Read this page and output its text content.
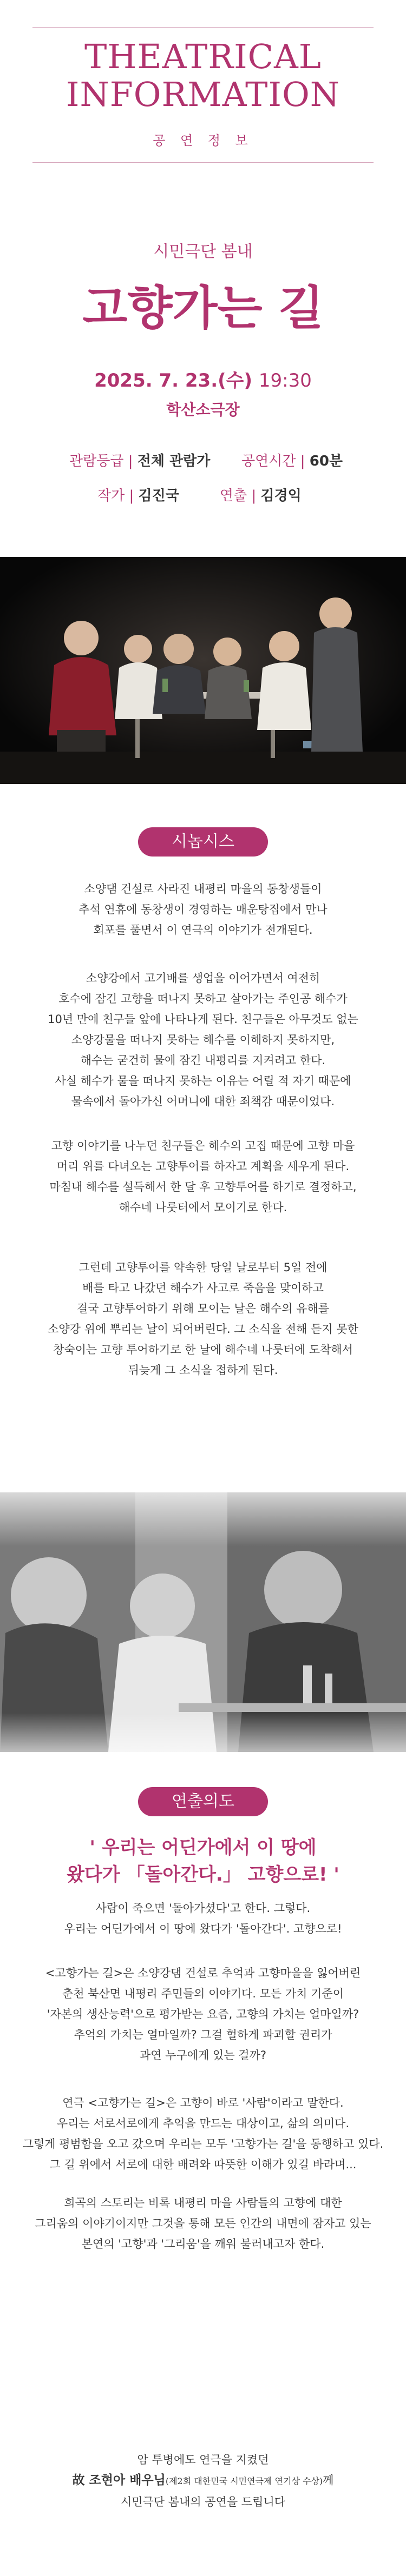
THEATRICAL
INFORMATION
공 연 정 보
시민극단 봄내
고향가는 길
2025. 7. 23.(수) 19:30
학산소극장
관람등급 | 전체 관람가 공연시간 | 60분
작가 | 김진국	연출 | 김경익
시놉시스

소양댐 건설로 사라진 내평리 마을의 동창생들이

추석 연휴에 동창생이 경영하는 매운탕집에서 만나

회포를 풀면서 이 연극의 이야기가 전개된다.

소양강에서 고기배를 생업을 이어가면서 여전히

호수에 잠긴 고향을 떠나지 못하고 살아가는 주인공 해수가

10년 만에 친구들 앞에 나타나게 된다. 친구들은 아무것도 없는

소양강물을 떠나지 못하는 해수를 이해하지 못하지만,

해수는 굳건히 물에 잠긴 내평리를 지켜려고 한다.

사실 해수가 물을 떠나지 못하는 이유는 어릴 적 자기 때문에

물속에서 돌아가신 어머니에 대한 죄책감 때문이었다.

고향 이야기를 나누던 친구들은 해수의 고집 때문에 고향 마을

머리 위를 다녀오는 고향투어를 하자고 계획을 세우게 된다.

마침내 해수를 설득해서 한 달 후 고향투어를 하기로 결정하고,

해수네 나룻터에서 모이기로 한다.

그런데 고향투어를 약속한 당일 날로부터 5일 전에

배를 타고 나갔던 해수가 사고로 죽음을 맞이하고

결국 고향투어하기 위해 모이는 날은 해수의 유해를

소양강 위에 뿌리는 날이 되어버린다. 그 소식을 전해 듣지 못한

창숙이는 고향 투어하기로 한 날에 해수네 나룻터에 도착해서

뒤늦게 그 소식을 접하게 된다.

연출의도
' 우리는 어딘가에서 이 땅에
왔다가 「돌아간다.」 고향으로! '

사람이 죽으면 '돌아가셨다'고 한다. 그렇다.

우리는 어딘가에서 이 땅에 왔다가 '돌아간다'. 고향으로!

<고향가는 길>은 소양강댐 건설로 추억과 고향마을을 잃어버린

춘천 북산면 내평리 주민들의 이야기다. 모든 가치 기준이

'자본의 생산능력'으로 평가받는 요즘, 고향의 가치는 얼마일까?

추억의 가치는 얼마일까? 그걸 헐하게 파괴할 권리가

과연 누구에게 있는 걸까?

연극 <고향가는 길>은 고향이 바로 '사람'이라고 말한다.

우리는 서로서로에게 추억을 만드는 대상이고, 삶의 의미다.

그렇게 평범함을 오고 갔으며 우리는 모두 '고향가는 길'을 동행하고 있다.

그 길 위에서 서로에 대한 배려와 따뜻한 이해가 있길 바라며...

희곡의 스토리는 비록 내평리 마을 사람들의 고향에 대한

그리움의 이야기이지만 그것을 통해 모든 인간의 내면에 잠자고 있는

본연의 '고향'과 '그리움'을 깨워 불러내고자 한다.

암 투병에도 연극을 지켰던
故 조현아 배우님(제2회 대한민국 시민연극제 연기상 수상)께
시민극단 봄내의 공연을 드립니다
